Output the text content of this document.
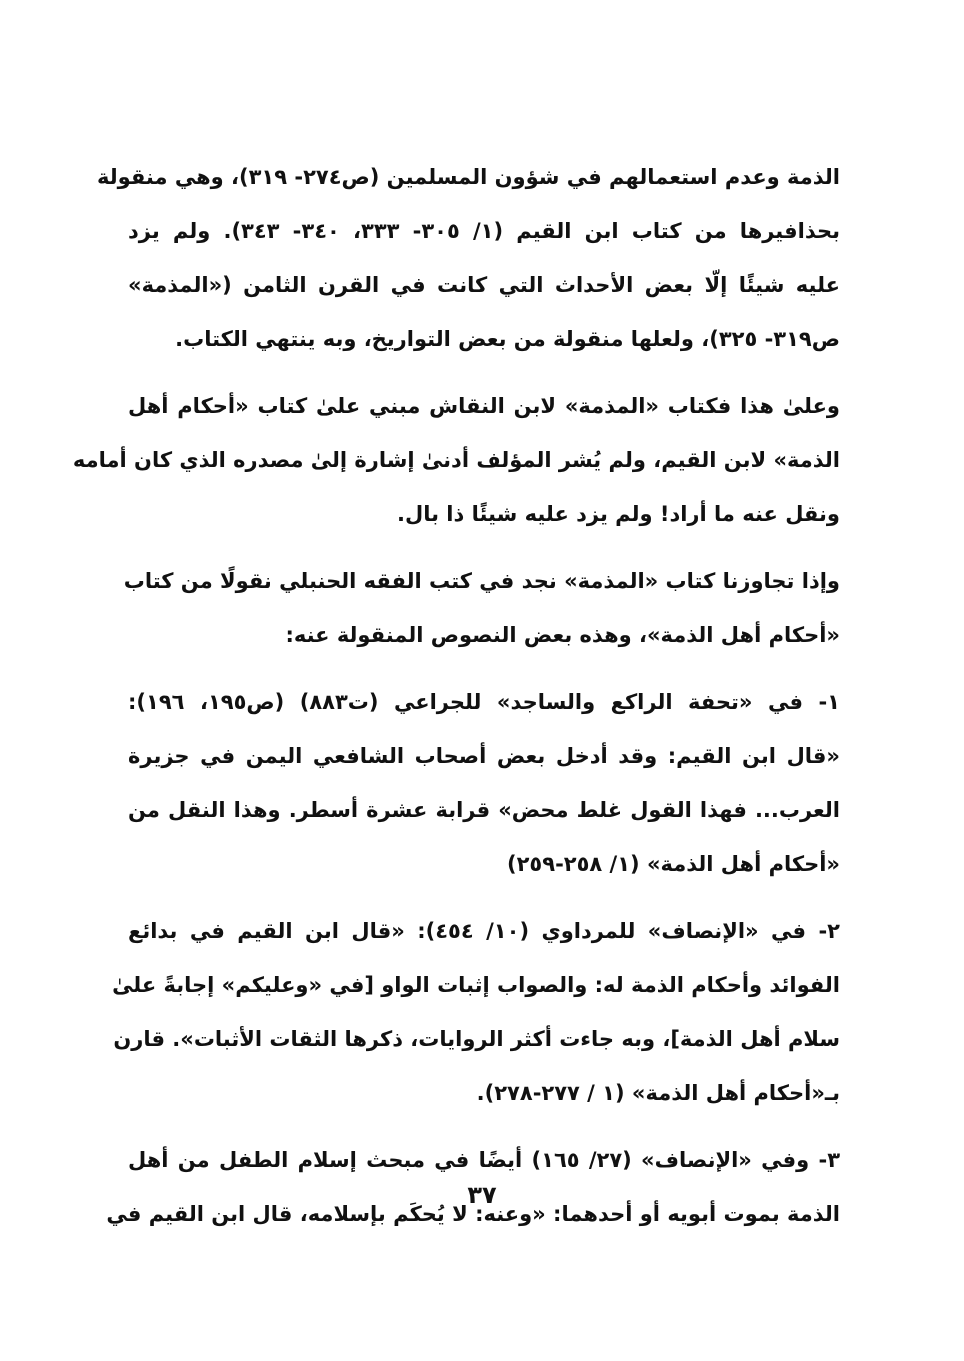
الذمة وعدم استعمالهم في شؤون المسلمين (ص٢٧٤- ٣١٩)، وهي منقولة
بحذافيرها من كتاب ابن القيم (١/ ٣٠٥- ٣٣٣، ٣٤٠- ٣٤٣). ولم يزد
عليه شيئًا إلّا بعض الأحداث التي كانت في القرن الثامن («المذمة»
ص٣١٩- ٣٢٥)، ولعلها منقولة من بعض التواريخ، وبه ينتهي الكتاب.
وعلىٰ هذا فكتاب «المذمة» لابن النقاش مبني علىٰ كتاب «أحكام أهل
الذمة» لابن القيم، ولم يُشر المؤلف أدنىٰ إشارة إلىٰ مصدره الذي كان أمامه
ونقل عنه ما أراد! ولم يزد عليه شيئًا ذا بال.
وإذا تجاوزنا كتاب «المذمة» نجد في كتب الفقه الحنبلي نقولًا من كتاب
«أحكام أهل الذمة»، وهذه بعض النصوص المنقولة عنه:
١- في «تحفة الراكع والساجد» للجراعي (ت٨٨٣) (ص١٩٥، ١٩٦):
«قال ابن القيم: وقد أدخل بعض أصحاب الشافعي اليمن في جزيرة
العرب... فهذا القول غلط محض» قرابة عشرة أسطر. وهذا النقل من
«أحكام أهل الذمة» (١/ ٢٥٨-٢٥٩)
٢- في «الإنصاف» للمرداوي (١٠/ ٤٥٤): «قال ابن القيم في بدائع
الفوائد وأحكام الذمة له: والصواب إثبات الواو [في «وعليكم» إجابةً علىٰ
سلام أهل الذمة]، وبه جاءت أكثر الروايات، ذكرها الثقات الأثبات». قارن
بـ«أحكام أهل الذمة» (١ / ٢٧٧-٢٧٨).
٣- وفي «الإنصاف» (٢٧/ ١٦٥) أيضًا في مبحث إسلام الطفل من أهل
الذمة بموت أبويه أو أحدهما: «وعنه: لا يُحكَم بإسلامه، قال ابن القيم في
٣٧
